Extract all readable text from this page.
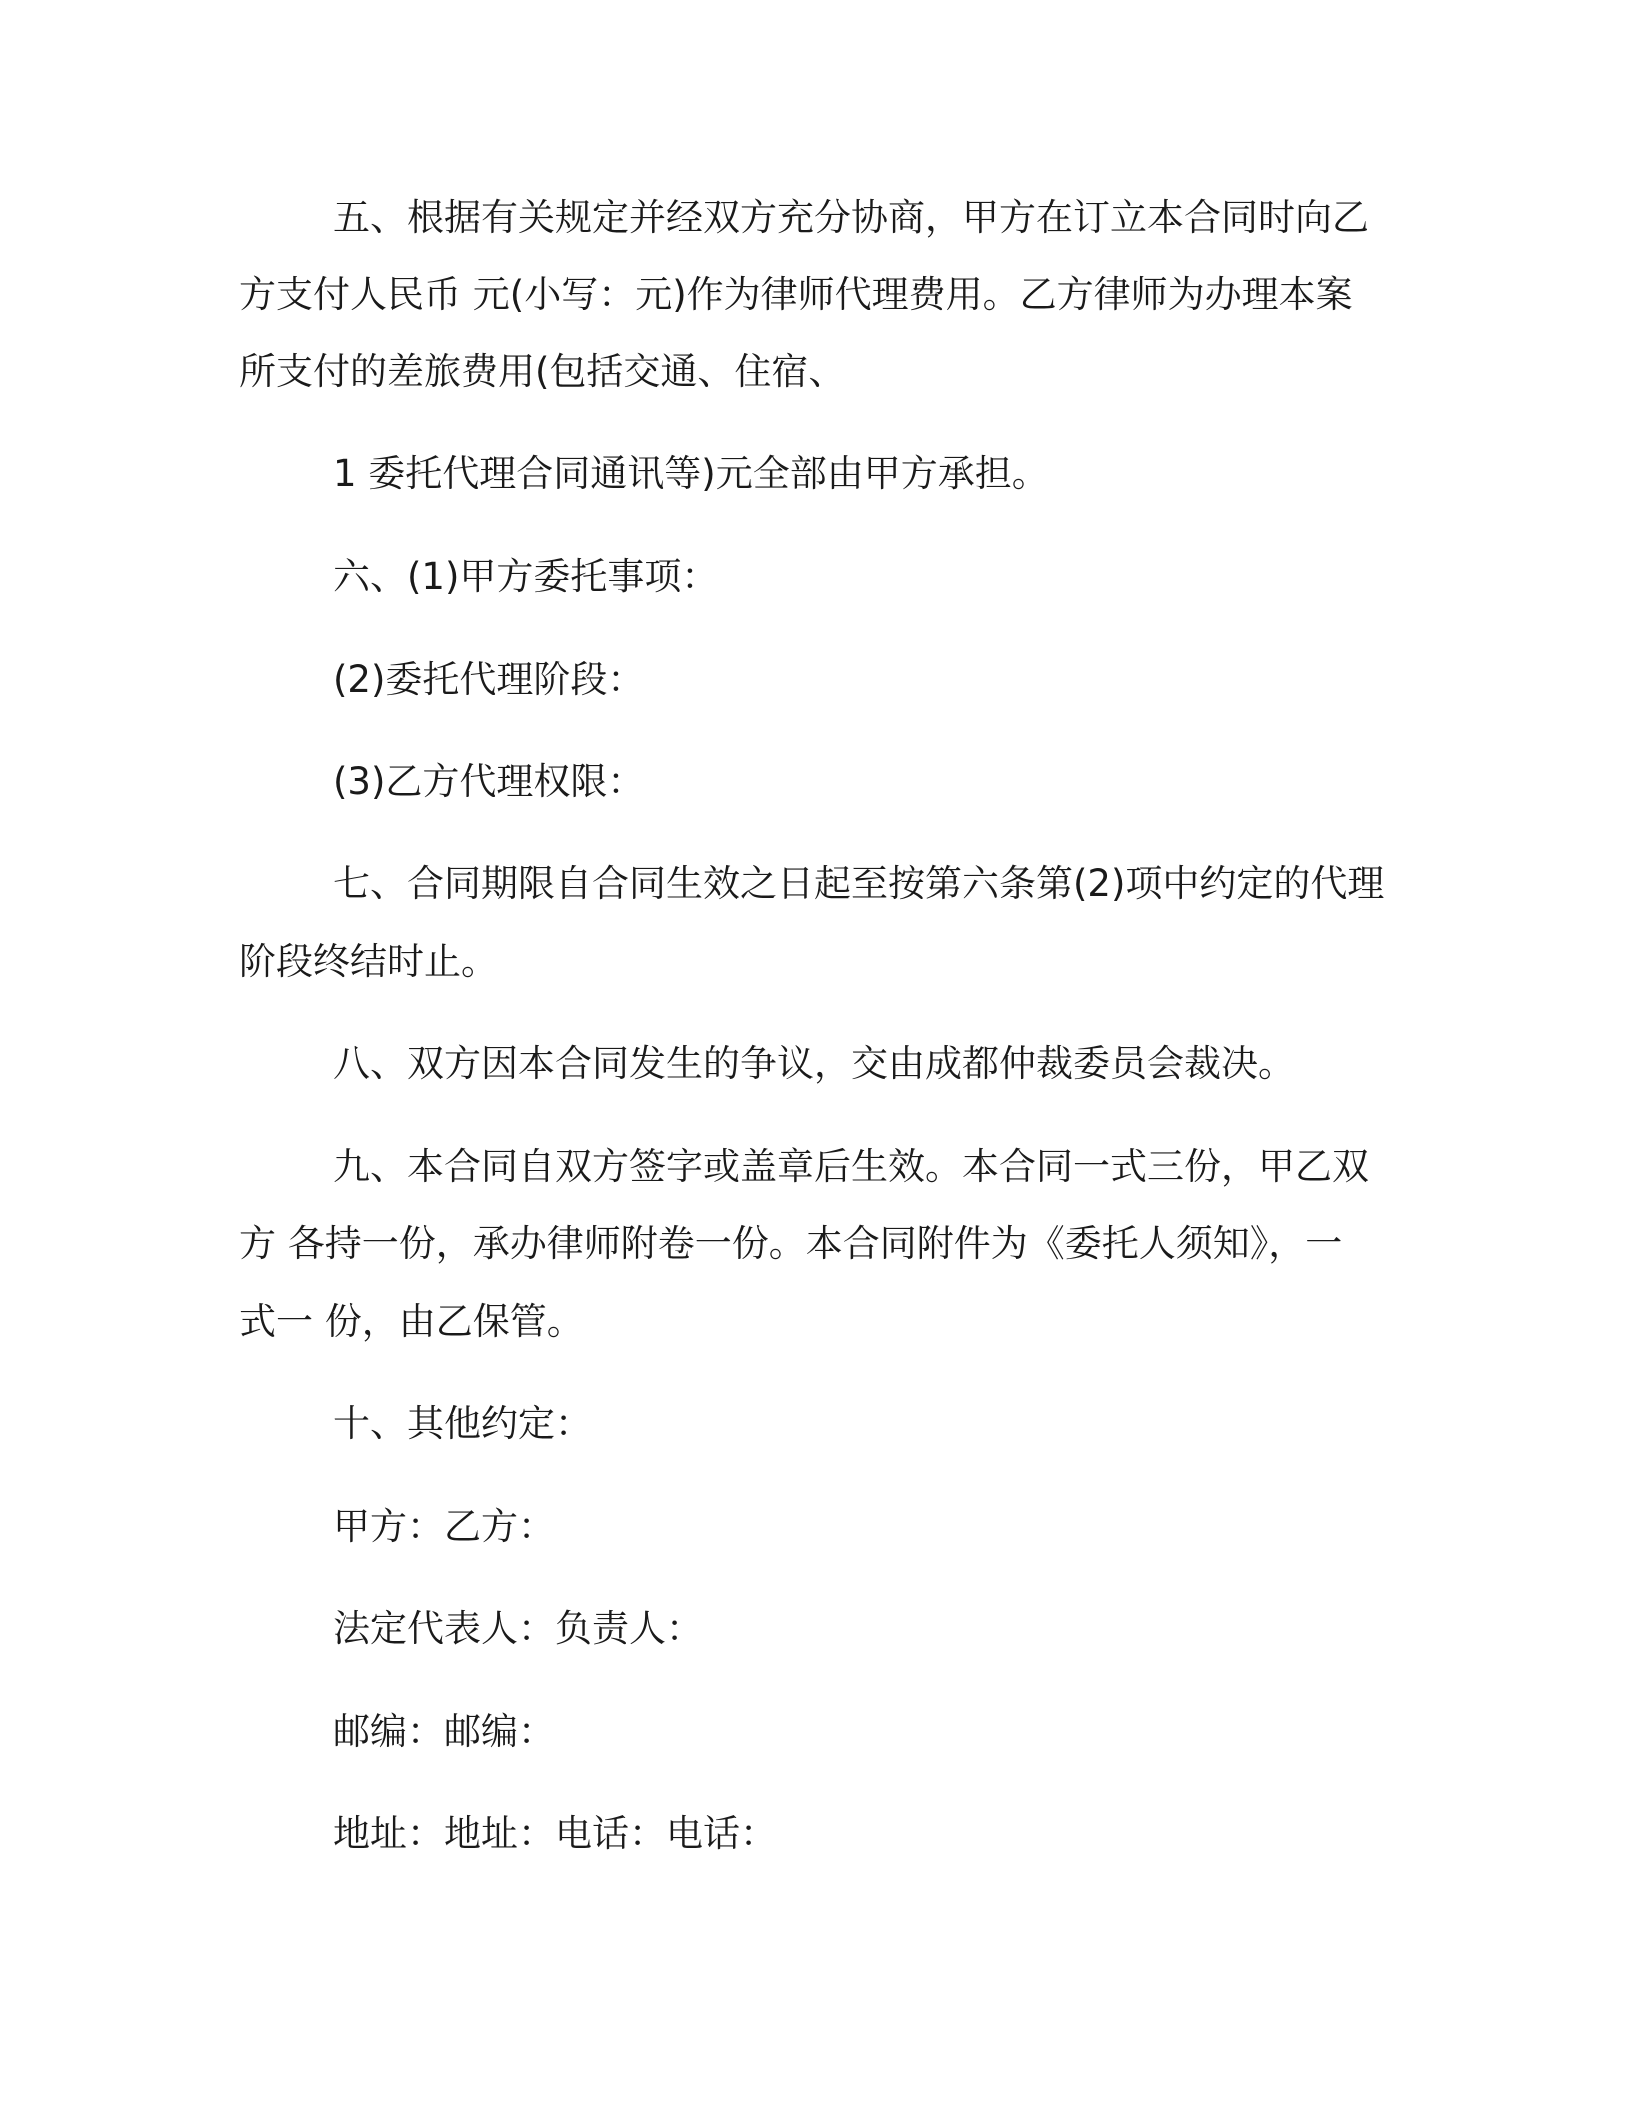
五、根据有关规定并经双方充分协商，甲方在订立本合同时向乙

方支付人民币 元(小写：元)作为律师代理费用。乙方律师为办理本案

所支付的差旅费用(包括交通、住宿、

1 委托代理合同通讯等)元全部由甲方承担。

六、(1)甲方委托事项：

(2)委托代理阶段：

(3)乙方代理权限：

七、合同期限自合同生效之日起至按第六条第(2)项中约定的代理

阶段终结时止。

八、双方因本合同发生的争议，交由成都仲裁委员会裁决。

九、本合同自双方签字或盖章后生效。本合同一式三份，甲乙双

方 各持一份，承办律师附卷一份。本合同附件为《委托人须知》，一

式一 份，由乙保管。

十、其他约定：

甲方：乙方：

法定代表人：负责人：

邮编：邮编：

地址：地址：电话：电话：
